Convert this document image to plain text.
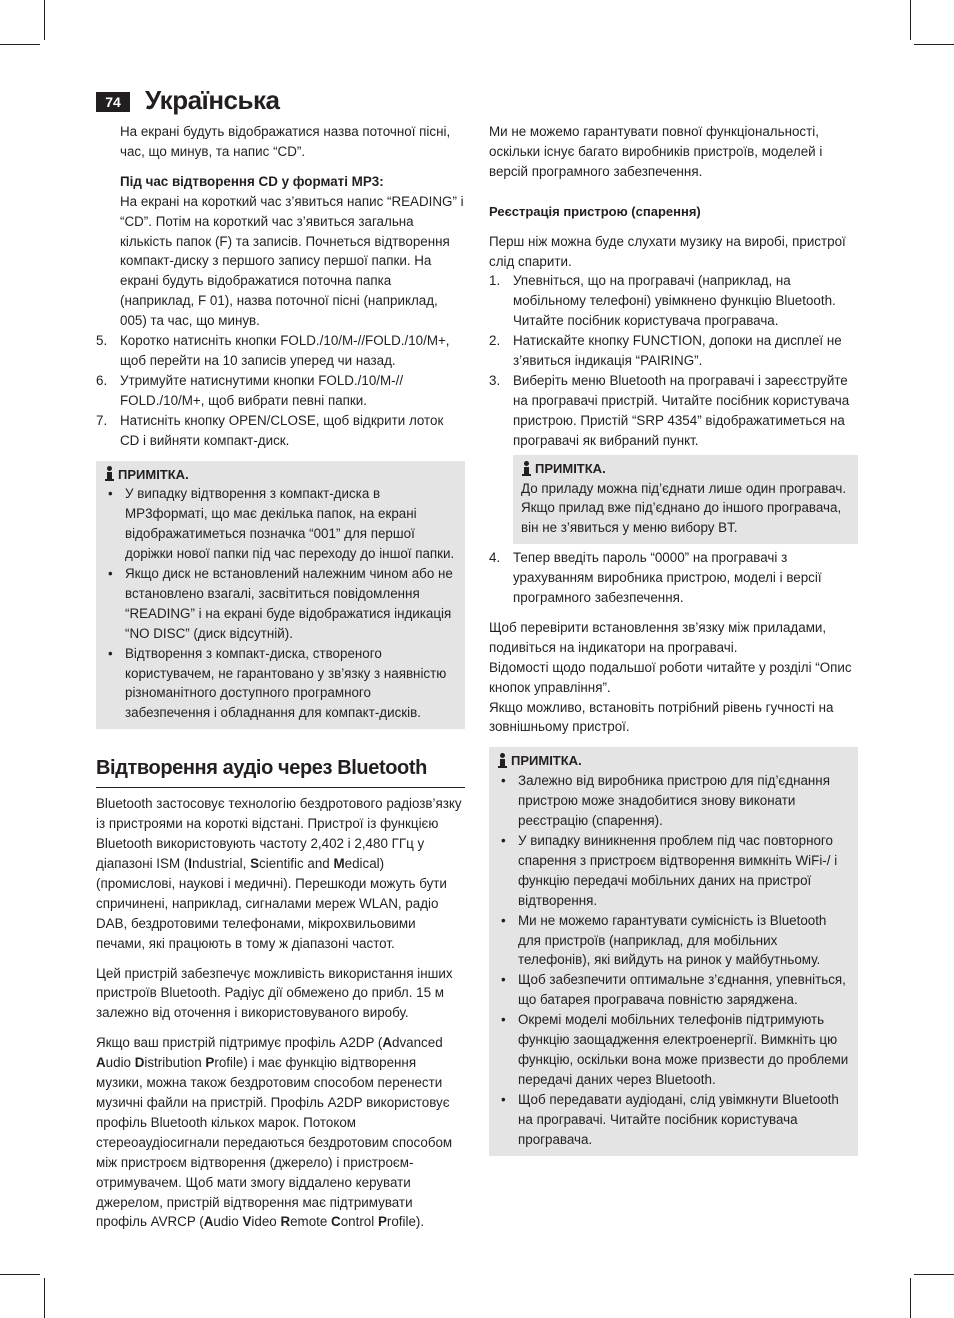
74 Українська

На екрані будуть відображатися назва поточної пісні, час, що минув, та напис “CD”.

Під час відтворення CD у форматі MP3:

На екрані на короткий час з’явиться напис “READING” і “CD”. Потім на короткий час з’явиться загальна кількість папок (F) та записів. Почнеться відтворення компакт-диску з першого запису першої папки. На екрані будуть відображатися поточна папка (наприклад, F 01), назва поточної пісні (наприклад, 005) та час, що минув.

5. Коротко натисніть кнопки FOLD./10/M-//FOLD./10/M+, щоб перейти на 10 записів уперед чи назад.
6. Утримуйте натиснутими кнопки FOLD./10/M-// FOLD./10/M+, щоб вибрати певні папки.
7. Натисніть кнопку OPEN/CLOSE, щоб відкрити лоток CD і вийняти компакт-диск.
ПРИМІТКА.
• У випадку відтворення з компакт-диска в MP3форматі, що має декілька папок, на екрані відображатиметься позначка “001” для першої доріжки нової папки під час переходу до іншої папки.
• Якщо диск не встановлений належним чином або не встановлено взагалі, засвітиться повідомлення “READING” і на екрані буде відображатися індикація “NO DISC” (диск відсутній).
• Відтворення з компакт-диска, створеного користувачем, не гарантовано у зв’язку з наявністю різноманітного доступного програмного забезпечення і обладнання для компакт-дисків.
Відтворення аудіо через Bluetooth

Bluetooth застосовує технологію бездротового радіозв’язку із пристроями на короткі відстані. Пристрої із функцією Bluetooth використовують частоту 2,402 і 2,480 ГГц у діапазоні ISM (Industrial, Scientific and Medical) (промислові, наукові і медичні). Перешкоди можуть бути спричинені, наприклад, сигналами мереж WLAN, радіо DAB, бездротовими телефонами, мікрохвильовими печами, які працюють в тому ж діапазоні частот.

Цей пристрій забезпечує можливість використання інших пристроїв Bluetooth. Радіус дії обмежено до прибл. 15 м залежно від оточення і використовуваного виробу.

Якщо ваш пристрій підтримує профіль A2DP (Advanced Audio Distribution Profile) і має функцію відтворення музики, можна також бездротовим способом перенести музичні файли на пристрій. Профіль A2DP використовує профіль Bluetooth кількох марок. Потоком стереоаудіосигнали передаються бездротовим способом між пристроєм відтворення (джерело) і пристроєм-отримувачем. Щоб мати змогу віддалено керувати джерелом, пристрій відтворення має підтримувати профіль AVRCP (Audio Video Remote Control Profile).

Ми не можемо гарантувати повної функціональності, оскільки існує багато виробників пристроїв, моделей і версій програмного забезпечення.

Реєстрація пристрою (спарення)

Перш ніж можна буде слухати музику на виробі, пристрої слід спарити.

1. Упевніться, що на програвачі (наприклад, на мобільному телефоні) увімкнено функцію Bluetooth. Читайте посібник користувача програвача.
2. Натискайте кнопку FUNCTION, допоки на дисплеї не з’явиться індикація “PAIRING”.
3. Виберіть меню Bluetooth на програвачі і зареєструйте на програвачі пристрій. Читайте посібник користувача пристрою. Пристій “SRP 4354” відображатиметься на програвачі як вибраний пункт.
ПРИМІТКА.

До приладу можна під’єднати лише один програвач. Якщо прилад вже під’єднано до іншого програвача, він не з’явиться у меню вибору BT.

4. Тепер введіть пароль “0000” на програвачі з урахуванням виробника пристрою, моделі і версії програмного забезпечення.

Щоб перевірити встановлення зв’язку між приладами, подивіться на індикатори на програвачі.

Відомості щодо подальшої роботи читайте у розділі “Опис кнопок управління”.

Якщо можливо, встановіть потрібний рівень гучності на зовнішньому пристрої.

ПРИМІТКА.
• Залежно від виробника пристрою для під’єднання пристрою може знадобитися знову виконати реєстрацію (спарення).
• У випадку виникнення проблем під час повторного спарення з пристроєм відтворення вимкніть WiFi-/ і функцію передачі мобільних даних на пристрої відтворення.
• Ми не можемо гарантувати сумісність із Bluetooth для пристроїв (наприклад, для мобільних телефонів), які вийдуть на ринок у майбутньому.
• Щоб забезпечити оптимальне з’єднання, упевніться, що батарея програвача повністю заряджена.
• Окремі моделі мобільних телефонів підтримують функцію заощадження електроенергії. Вимкніть цю функцію, оскільки вона може призвести до проблеми передачі даних через Bluetooth.
• Щоб передавати аудіодані, слід увімкнути Bluetooth на програвачі. Читайте посібник користувача програвача.
